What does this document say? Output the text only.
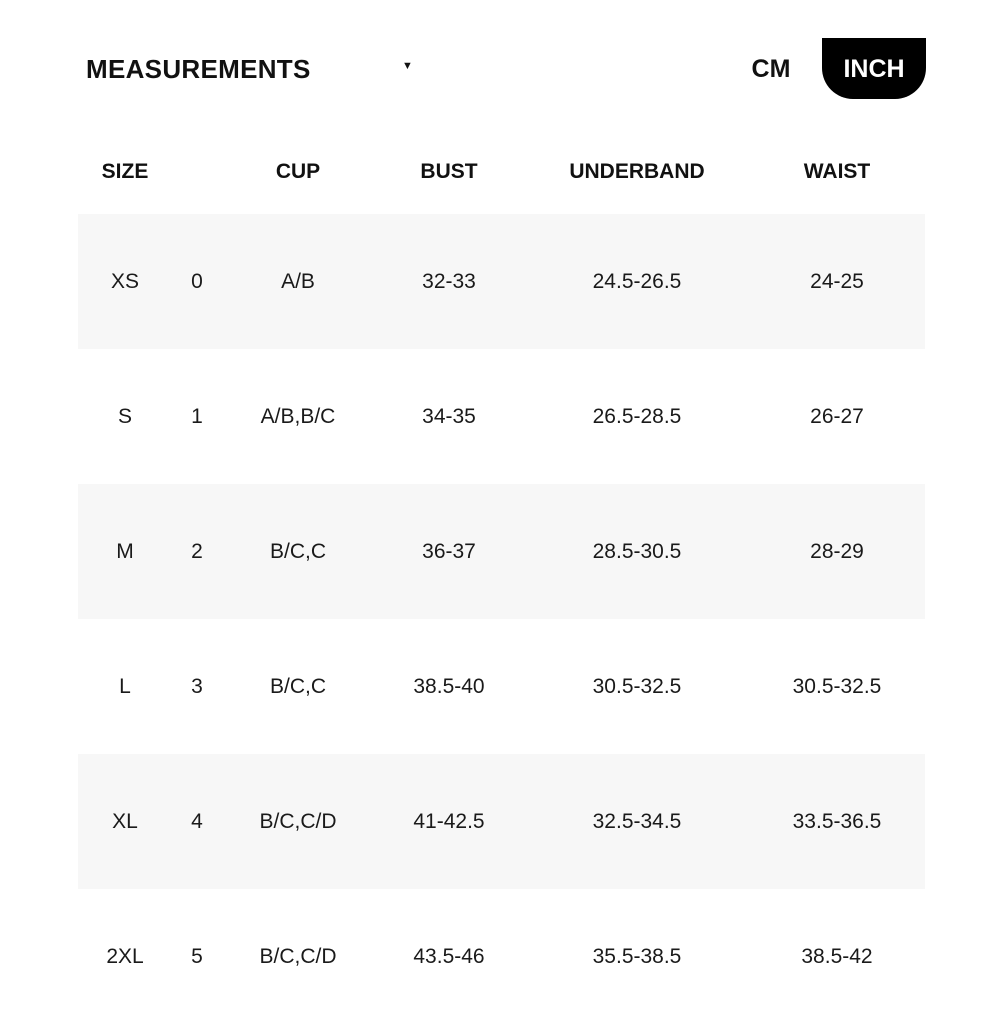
MEASUREMENTS	▼	CM	INCH
SIZE	CUP	BUST	UNDERBAND	WAIST
XS 0	A/B	32-33	24.5-26.5	24-25
S	1	A/B,B/C	34-35	26.5-28.5	26-27
M	2	B/C,C	36-37	28.5-30.5	28-29
L	3	B/C,C	38.5-40	30.5-32.5	30.5-32.5
XL	4	B/C,C/D	41-42.5	32.5-34.5	33.5-36.5
2XL 5	B/C,C/D	43.5-46	35.5-38.5	38.5-42
